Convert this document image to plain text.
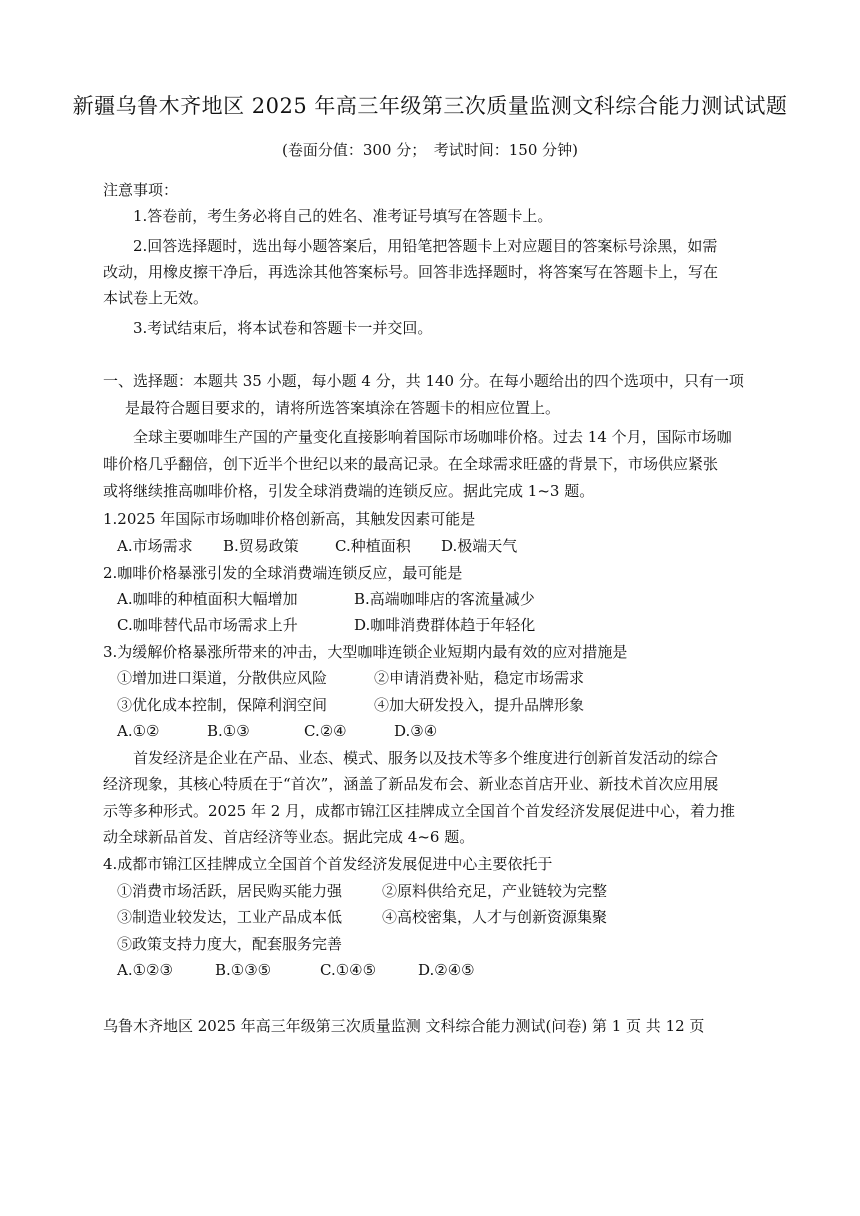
新疆乌鲁木齐地区 2025 年高三年级第三次质量监测文科综合能力测试试题
(卷面分值：300 分；　考试时间：150 分钟)
注意事项：
1.答卷前，考生务必将自己的姓名、准考证号填写在答题卡上。
2.回答选择题时，选出每小题答案后，用铅笔把答题卡上对应题目的答案标号涂黑，如需
改动，用橡皮擦干净后，再选涂其他答案标号。回答非选择题时，将答案写在答题卡上，写在
本试卷上无效。
3.考试结束后，将本试卷和答题卡一并交回。
一、选择题：本题共 35 小题，每小题 4 分，共 140 分。在每小题给出的四个选项中，只有一项
是最符合题目要求的，请将所选答案填涂在答题卡的相应位置上。
全球主要咖啡生产国的产量变化直接影响着国际市场咖啡价格。过去 14 个月，国际市场咖
啡价格几乎翻倍，创下近半个世纪以来的最高记录。在全球需求旺盛的背景下，市场供应紧张
或将继续推高咖啡价格，引发全球消费端的连锁反应。据此完成 1~3 题。
1.2025 年国际市场咖啡价格创新高，其触发因素可能是
A.市场需求 B.贸易政策 C.种植面积 D.极端天气
2.咖啡价格暴涨引发的全球消费端连锁反应，最可能是
A.咖啡的种植面积大幅增加	B.高端咖啡店的客流量减少
C.咖啡替代品市场需求上升	D.咖啡消费群体趋于年轻化
3.为缓解价格暴涨所带来的冲击，大型咖啡连锁企业短期内最有效的应对措施是
①增加进口渠道，分散供应风险	②申请消费补贴，稳定市场需求
③优化成本控制，保障利润空间	④加大研发投入，提升品牌形象
A.①②	B.①③	C.②④	D.③④
首发经济是企业在产品、业态、模式、服务以及技术等多个维度进行创新首发活动的综合
经济现象，其核心特质在于“首次”，涵盖了新品发布会、新业态首店开业、新技术首次应用展
示等多种形式。2025 年 2 月，成都市锦江区挂牌成立全国首个首发经济发展促进中心，着力推
动全球新品首发、首店经济等业态。据此完成 4~6 题。
4.成都市锦江区挂牌成立全国首个首发经济发展促进中心主要依托于
①消费市场活跃，居民购买能力强	②原料供给充足，产业链较为完整
③制造业较发达，工业产品成本低	④高校密集，人才与创新资源集聚
⑤政策支持力度大，配套服务完善
A.①②③	B.①③⑤	C.①④⑤	D.②④⑤
乌鲁木齐地区 2025 年高三年级第三次质量监测 文科综合能力测试(问卷) 第 1 页 共 12 页
